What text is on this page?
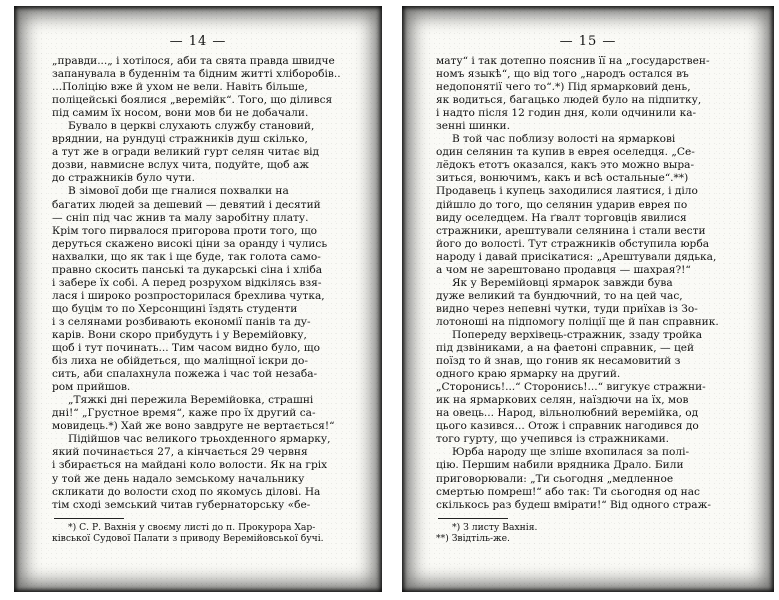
— 14 —
„правди...„ і хотілося, аби та свята правда швидче
запанувала в буденнім та бідним житті хліборобів..
...Поліцію вже й ухом не вели. Навіть більше,
поліцейські боялися „веремійк“. Того, що ділився
під самим їх носом, вони мов би не добачали.
Бувало в церкві слухають службу становий,
вряднии, на рундуці стражників душ скілько,
а тут же в огради великий гурт селян читає від
дозви, навмисне вслух чита, подуйте, щоб аж
до стражників було чути.
В зімової доби ще гналися похвалки на
багатих людей за дешевий — девятий і десятий
— сніп під час жнив та малу заробітну плату.
Крім того пирвалося пригорова проти того, що
деруться скажено високі ціни за оранду і чулись
нахвалки, що як так і ще буде, так голота само-
правно скосить панські та дукарські сіна і хліба
і забере їх собі. А перед розрухом відкілясь взя-
лася і широко розпросторилася брехлива чутка,
що буцім то по Херсонщині їздять студенти
і з селянами розбивають економії панів та ду-
карів. Вони скоро прибудуть і у Веремійовку,
щоб і тут починать... Тим часом видно було, що
біз лиха не обійдеться, що маліщної іскри до-
сить, аби спалахнула пожежа і час той незаба-
ром прийшов.
„Тяжкі дні пережила Веремійовка, страшні
дні!“ „Грустное время“, каже про їх другий са-
мовидець.*) Хай же воно завдруге не вертається!“
Підійшов час великого трьохденного ярмарку,
який починається 27, а кінчається 29 червня
і збирається на майдані коло волости. Як на гріх
у той же день надало земському начальнику
скликати до волости сход по якомусь ділові. На
тім сході земський читав губернаторську «бе-
*) С. Р. Вахнія у своєму листі до п. Прокурора Хар-
ківської Судової Палати з приводу Веремійовської бучі.
— 15 —
мату“ і так дотепно пояснив її на „государствен-
номъ языкѣ“, що від того „народъ остался въ
недопонятії чего то“.*) Під ярмарковий день,
як водиться, багацько людей було на підпитку,
і надто після 12 годин дня, коли одчинили ка-
зенні шинки.
В той час поблизу волості на ярмаркові
один селянин та купив в еврея оселедця. „Се-
лёдокъ етотъ оказался, какъ это можно выра-
зиться, вонючимъ, какъ и всѣ остальные“.**)
Продавець і купець заходилися лаятися, і діло
дійшло до того, що селянин ударив еврея по
виду оселедцем. На ґвалт торговців явилися
стражники, арештували селянина і стали вести
його до волості. Тут стражників обступила юрба
народу і давай присікатися: „Арештували дядька,
а чом не зарештовано продавця — шахрая?!“
Як у Веремійовці ярмарок завжди бува
дуже великий та бундючний, то на цей час,
видно через непевні чутки, туди приїхав із Зо-
лотоноші на підпомогу поліції ще й пан справник.
Попереду верхівець-стражник, ззаду тройка
під дзвіниками, а на фаетоні справник, — цей
поїзд то й знав, що гонив як несамовитий з
одного краю ярмарку на другий.
„Сторонись!...“ Сторонись!...“ вигукує стражни-
ик на ярмаркових селян, наїздючи на їх, мов
на овець... Народ, вільнолюбний веремійка, од
цього казився... Отож і справник нагодився до
того гурту, що учепився із стражниками.
Юрба народу ще зліше вхопилася за полі-
цію. Першим набили врядника Драло. Били
приговорювали: „Ти сьогодня „медленное
смертью помреш!“ або так: Ти сьогодня од нас
скількось раз будеш вмірати!“ Від одного страж-
*) З листу Вахнія.
**) Звідтіль-же.
